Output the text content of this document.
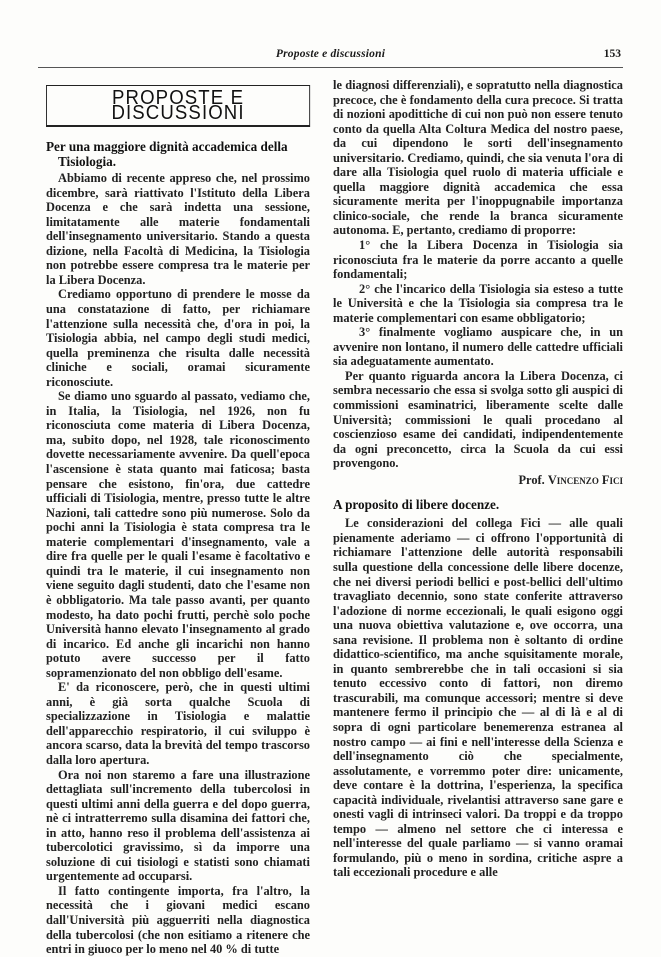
Proposte e discussioni	153
PROPOSTE E DISCUSSIONI
Per una maggiore dignità accademica della Tisiologia.

Abbiamo di recente appreso che, nel prossimo dicembre, sarà riattivato l'Istituto della Libera Docenza e che sarà indetta una sessione, limitatamente alle materie fondamentali dell'insegnamento universitario. Stando a questa dizione, nella Facoltà di Medicina, la Tisiologia non potrebbe essere compresa tra le materie per la Libera Docenza.

Crediamo opportuno di prendere le mosse da una constatazione di fatto, per richiamare l'attenzione sulla necessità che, d'ora in poi, la Tisiologia abbia, nel campo degli studi medici, quella preminenza che risulta dalle necessità cliniche e sociali, oramai sicuramente riconosciute.

Se diamo uno sguardo al passato, vediamo che, in Italia, la Tisiologia, nel 1926, non fu riconosciuta come materia di Libera Docenza, ma, subito dopo, nel 1928, tale riconoscimento dovette necessariamente avvenire. Da quell'epoca l'ascensione è stata quanto mai faticosa; basta pensare che esistono, fin'ora, due cattedre ufficiali di Tisiologia, mentre, presso tutte le altre Nazioni, tali cattedre sono più numerose. Solo da pochi anni la Tisiologia è stata compresa tra le materie complementari d'insegnamento, vale a dire fra quelle per le quali l'esame è facoltativo e quindi tra le materie, il cui insegnamento non viene seguito dagli studenti, dato che l'esame non è obbligatorio. Ma tale passo avanti, per quanto modesto, ha dato pochi frutti, perchè solo poche Università hanno elevato l'insegnamento al grado di incarico. Ed anche gli incarichi non hanno potuto avere successo per il fatto sopramenzionato del non obbligo dell'esame.

E' da riconoscere, però, che in questi ultimi anni, è già sorta qualche Scuola di specializzazione in Tisiologia e malattie dell'apparecchio respiratorio, il cui sviluppo è ancora scarso, data la brevità del tempo trascorso dalla loro apertura.

Ora noi non staremo a fare una illustrazione dettagliata sull'incremento della tubercolosi in questi ultimi anni della guerra e del dopo guerra, nè ci intratterremo sulla disamina dei fattori che, in atto, hanno reso il problema dell'assistenza ai tubercolotici gravissimo, sì da imporre una soluzione di cui tisiologi e statisti sono chiamati urgentemente ad occuparsi.

Il fatto contingente importa, fra l'altro, la necessità che i giovani medici escano dall'Università più agguerriti nella diagnostica della tubercolosi (che non esitiamo a ritenere che entri in giuoco per lo meno nel 40 % di tutte

le diagnosi differenziali), e sopratutto nella diagnostica precoce, che è fondamento della cura precoce. Si tratta di nozioni apodittiche di cui non può non essere tenuto conto da quella Alta Coltura Medica del nostro paese, da cui dipendono le sorti dell'insegnamento universitario. Crediamo, quindi, che sia venuta l'ora di dare alla Tisiologia quel ruolo di materia ufficiale e quella maggiore dignità accademica che essa sicuramente merita per l'inoppugnabile importanza clinico-sociale, che rende la branca sicuramente autonoma. E, pertanto, crediamo di proporre:

1° che la Libera Docenza in Tisiologia sia riconosciuta fra le materie da porre accanto a quelle fondamentali;

2° che l'incarico della Tisiologia sia esteso a tutte le Università e che la Tisiologia sia compresa tra le materie complementari con esame obbligatorio;

3° finalmente vogliamo auspicare che, in un avvenire non lontano, il numero delle cattedre ufficiali sia adeguatamente aumentato.

Per quanto riguarda ancora la Libera Docenza, ci sembra necessario che essa si svolga sotto gli auspici di commissioni esaminatrici, liberamente scelte dalle Università; commissioni le quali procedano al coscienzioso esame dei candidati, indipendentemente da ogni preconcetto, circa la Scuola da cui essi provengono.

Prof. Vincenzo Fici
A proposito di libere docenze.

Le considerazioni del collega Fici — alle quali pienamente aderiamo — ci offrono l'opportunità di richiamare l'attenzione delle autorità responsabili sulla questione della concessione delle libere docenze, che nei diversi periodi bellici e post-bellici dell'ultimo travagliato decennio, sono state conferite attraverso l'adozione di norme eccezionali, le quali esigono oggi una nuova obiettiva valutazione e, ove occorra, una sana revisione. Il problema non è soltanto di ordine didattico-scientifico, ma anche squisitamente morale, in quanto sembrerebbe che in tali occasioni si sia tenuto eccessivo conto di fattori, non diremo trascurabili, ma comunque accessori; mentre si deve mantenere fermo il principio che — al di là e al di sopra di ogni particolare benemerenza estranea al nostro campo — ai fini e nell'interesse della Scienza e dell'insegnamento ciò che specialmente, assolutamente, e vorremmo poter dire: unicamente, deve contare è la dottrina, l'esperienza, la specifica capacità individuale, rivelantisi attraverso sane gare e onesti vagli di intrinseci valori. Da troppi e da troppo tempo — almeno nel settore che ci interessa e nell'interesse del quale parliamo — si vanno oramai formulando, più o meno in sordina, critiche aspre a tali eccezionali procedure e alle
